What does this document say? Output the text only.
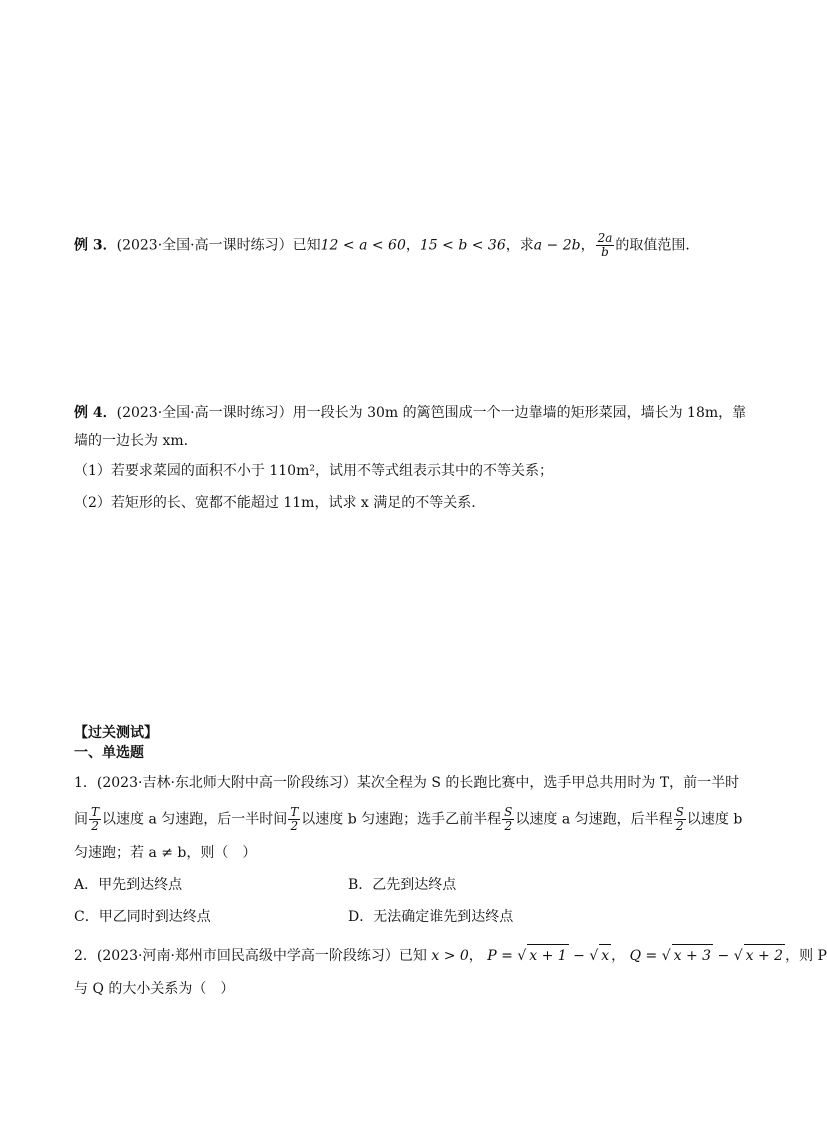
例 3．(2023·全国·高一课时练习）已知12 < a < 60，15 < b < 36，求a − 2b， $\frac{2a}{b}$ 的取值范围．
例 4．(2023·全国·高一课时练习）用一段长为 30m 的篱笆围成一个一边靠墙的矩形菜园，墙长为 18m，靠
墙的一边长为 xm.
（1）若要求菜园的面积不小于 110m²，试用不等式组表示其中的不等关系；
（2）若矩形的长、宽都不能超过 11m，试求 x 满足的不等关系.
【过关测试】
一、单选题
1．(2023·吉林·东北师大附中高一阶段练习）某次全程为 S 的长跑比赛中，选手甲总共用时为 T，前一半时
间 $\frac{T}{2}$ 以速度 a 匀速跑，后一半时间 $\frac{T}{2}$ 以速度 b 匀速跑；选手乙前半程 $\frac{S}{2}$ 以速度 a 匀速跑，后半程 $\frac{S}{2}$ 以速度 b
匀速跑；若 a ≠ b，则（　）
A．甲先到达终点	B．乙先到达终点
C．甲乙同时到达终点	D．无法确定谁先到达终点
2．(2023·河南·郑州市回民高级中学高一阶段练习）已知 x > 0， P = √ x + 1 − √ x ， Q = √ x + 3 − √ x + 2 ，则 P
与 Q 的大小关系为（　）
